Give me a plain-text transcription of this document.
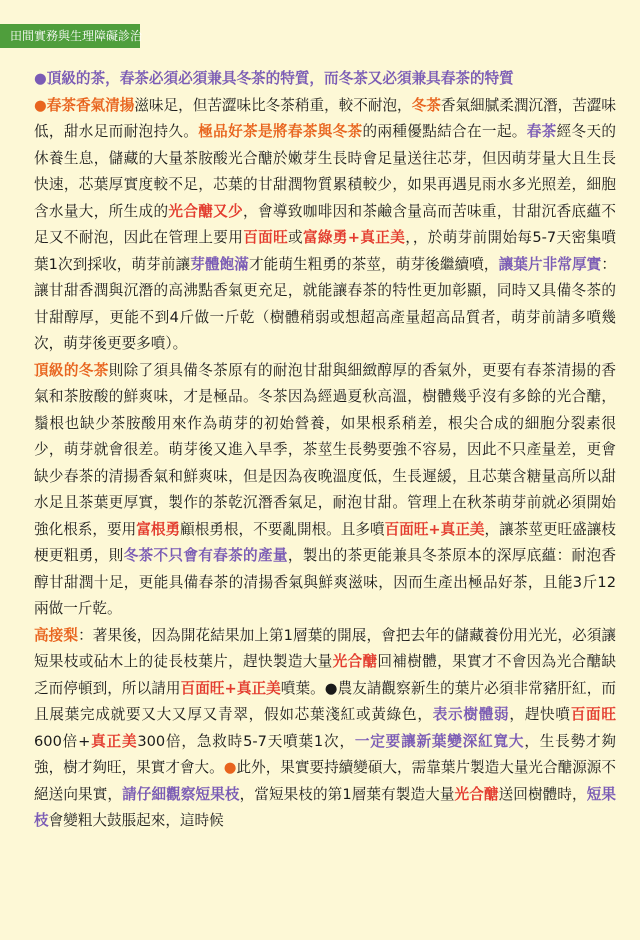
田間實務與生理障礙診治

●頂級的茶，春茶必須必須兼具冬茶的特質，而冬茶又必須兼具春茶的特質

●春茶香氣清揚滋味足，但苦澀味比冬茶稍重，較不耐泡，冬茶香氣細膩柔潤沉潛，苦澀味低，甜水足而耐泡持久。極品好茶是將春茶與冬茶的兩種優點結合在一起。春茶經冬天的休養生息，儲藏的大量茶胺酸光合醣於嫩芽生長時會足量送往芯芽，但因萌芽量大且生長快速，芯葉厚實度較不足，芯葉的甘甜潤物質累積較少，如果再遇見雨水多光照差，細胞含水量大，所生成的光合醣又少，會導致咖啡因和茶鹼含量高而苦味重，甘甜沉香底蘊不足又不耐泡，因此在管理上要用百面旺或富綠勇+真正美，，於萌芽前開始每5-7天密集噴葉1次到採收，萌芽前讓芽體飽滿才能萌生粗勇的茶莖，萌芽後繼續噴，讓葉片非常厚實：讓甘甜香潤與沉潛的高沸點香氣更充足，就能讓春茶的特性更加彰顯，同時又具備冬茶的甘甜醇厚，更能不到4斤做一斤乾（樹體稍弱或想超高產量超高品質者，萌芽前請多噴幾次，萌芽後更要多噴）。

頂級的冬茶則除了須具備冬茶原有的耐泡甘甜與細緻醇厚的香氣外，更要有春茶清揚的香氣和茶胺酸的鮮爽味，才是極品。冬茶因為經過夏秋高溫，樹體幾乎沒有多餘的光合醣，鬚根也缺少茶胺酸用來作為萌芽的初始營養，如果根系稍差，根尖合成的細胞分裂素很少，萌芽就會很差。萌芽後又進入旱季，茶莖生長勢要強不容易，因此不只產量差，更會缺少春茶的清揚香氣和鮮爽味，但是因為夜晚溫度低，生長遲緩，且芯葉含糖量高所以甜水足且茶葉更厚實，製作的茶乾沉潛香氣足，耐泡甘甜。管理上在秋茶萌芽前就必須開始強化根系，要用富根勇顧根勇根，不要亂開根。且多噴百面旺+真正美，讓茶莖更旺盛讓枝梗更粗勇，則冬茶不只會有春茶的產量，製出的茶更能兼具冬茶原本的深厚底蘊：耐泡香醇甘甜潤十足，更能具備春茶的清揚香氣與鮮爽滋味，因而生產出極品好茶，且能3斤12兩做一斤乾。

高接梨：著果後，因為開花結果加上第1層葉的開展，會把去年的儲藏養份用光光，必須讓短果枝或砧木上的徒長枝葉片，趕快製造大量光合醣回補樹體，果實才不會因為光合醣缺乏而停頓到，所以請用百面旺+真正美噴葉。●農友請觀察新生的葉片必須非常豬肝紅，而且展葉完成就要又大又厚又青翠，假如芯葉淺紅或黃綠色，表示樹體弱，趕快噴百面旺600倍+真正美300倍，急救時5-7天噴葉1次，一定要讓新葉變深紅寬大，生長勢才夠強，樹才夠旺，果實才會大。●此外，果實要持續變碩大，需靠葉片製造大量光合醣源源不絕送向果實，請仔細觀察短果枝，當短果枝的第1層葉有製造大量光合醣送回樹體時，短果枝會變粗大鼓脹起來，這時候
